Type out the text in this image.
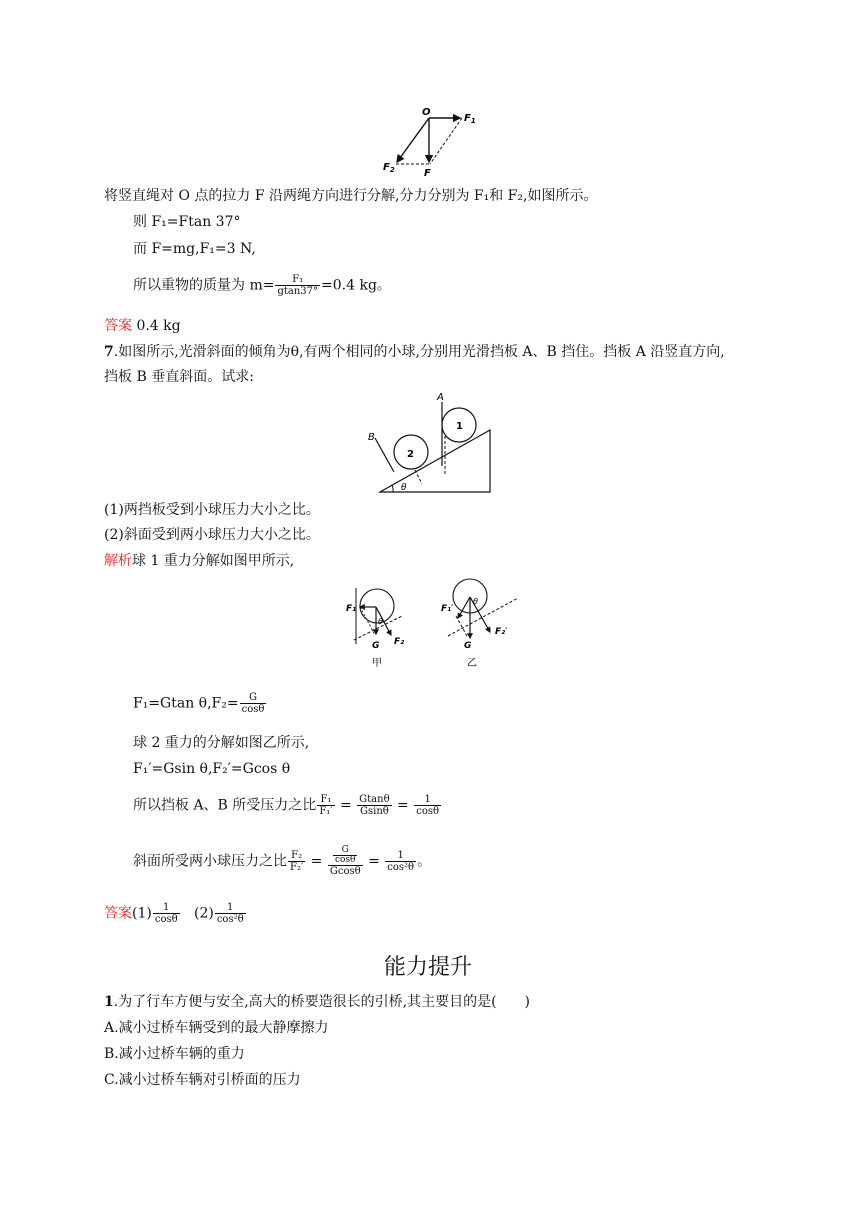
O
$F_1$
$F_2$	F
将竖直绳对 O 点的拉力 F 沿两绳方向进行分解,分力分别为 F₁和 F₂,如图所示。
则 F₁=Ftan 37°
而 F=mg,F₁=3 N,
所以重物的质量为 $m= \frac{\text{F₁}}{gtan37^\circ} =0.4$ kg。
答案 0.4 kg
7.如图所示,光滑斜面的倾角为θ,有两个相同的小球,分别用光滑挡板 A、B 挡住。挡板 A 沿竖直方向,
挡板 B 垂直斜面。试求:
A
B
1
2
θ
(1)两挡板受到小球压力大小之比。
(2)斜面受到两小球压力大小之比。
解析球 1 重力分解如图甲所示,
F₁
F₂
G
θ
甲
F₁′
F₂′
G
θ
乙
F₁=Gtan $\theta,F_2= \frac{G}{\cos\theta}$
球 2 重力的分解如图乙所示,
F₁′=Gsin θ,F₂′=Gcos θ
所以挡板 A、B 所受压力之比 $\frac{\text{F₁}}{\text{F₁′}} = \frac{Gtan\theta}{Gsin\theta} = \frac{1}{\cos\theta}$
斜面所受两小球压力之比 $\frac{\text{F₂}}{\text{F₂′}} = \frac{\frac{G}{\cos\theta}}{Gcos\theta} = \frac{1}{\text{cos²θ}}$ 。
答案$(1) \frac{1}{\cos\theta} (2) \frac{1}{\text{cos²θ}}$
能力提升
1.为了行车方便与安全,高大的桥要造很长的引桥,其主要目的是(　　)
A.减小过桥车辆受到的最大静摩擦力
B.减小过桥车辆的重力
C.减小过桥车辆对引桥面的压力
